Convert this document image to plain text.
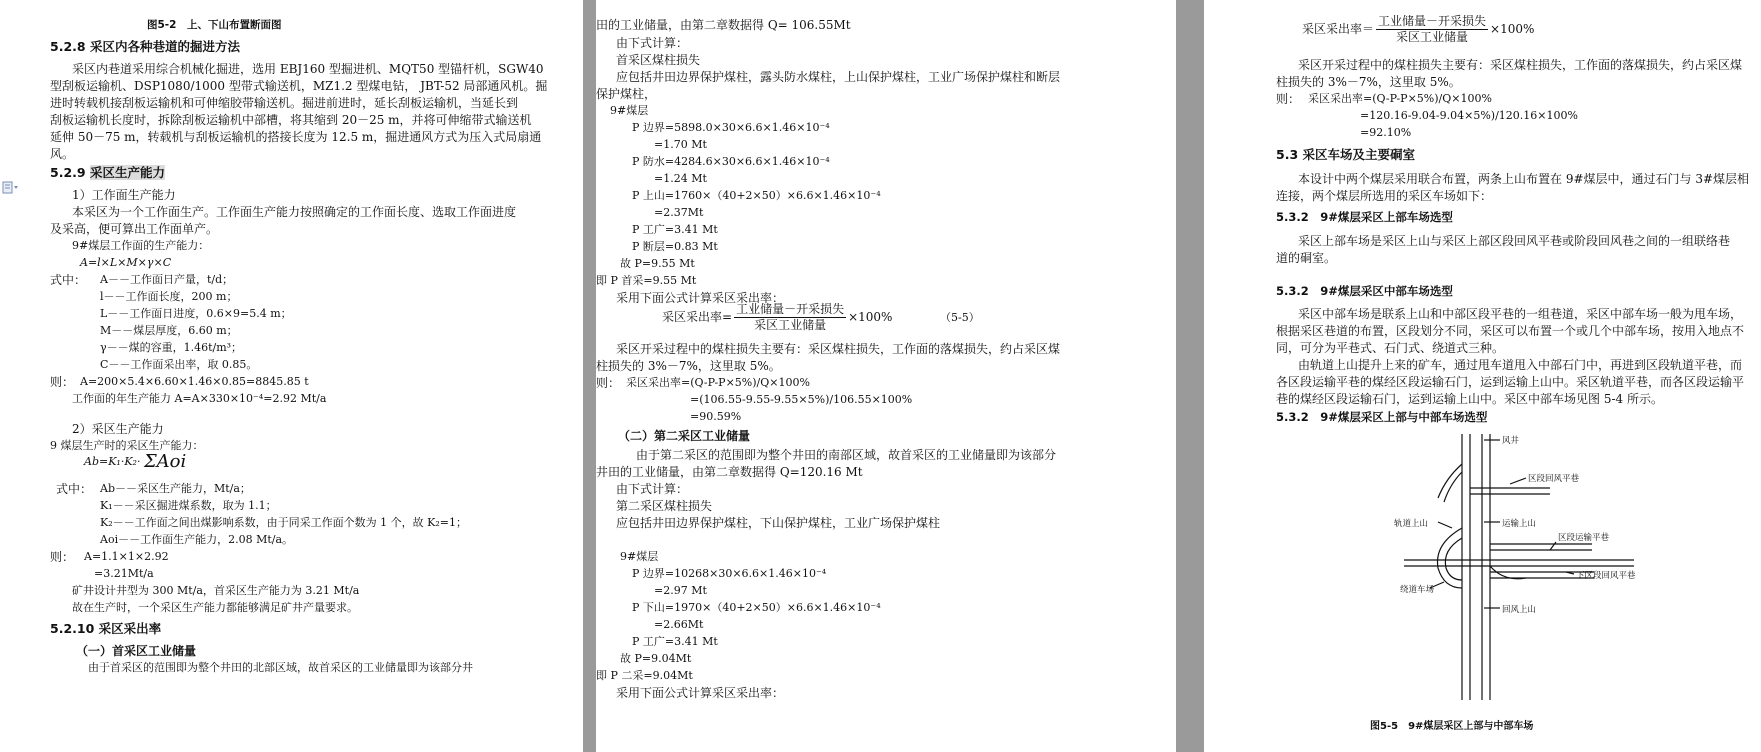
图5-2　上、下山布置断面图
5.2.8 采区内各种巷道的掘进方法
采区内巷道采用综合机械化掘进，选用 EBJ160 型掘进机、MQT50 型锚杆机，SGW40
型刮板运输机、DSP1080/1000 型带式输送机，MZ1.2 型煤电钻， JBT-52 局部通风机。掘
进时转载机接刮板运输机和可伸缩胶带输送机。掘进前进时，延长刮板运输机，当延长到
刮板运输机长度时，拆除刮板运输机中部槽，将其缩到 20－25 m，并将可伸缩带式输送机
延伸 50－75 m，转载机与刮板运输机的搭接长度为 12.5 m，掘进通风方式为压入式局扇通
风。
5.2.9 采区生产能力
1）工作面生产能力
本采区为一个工作面生产。工作面生产能力按照确定的工作面长度、选取工作面进度
及采高，便可算出工作面单产。
9#煤层工作面的生产能力：
A=l×L×M×γ×C
式中： A－－工作面日产量，t/d；
l－－工作面长度，200 m；
L－－工作面日进度，0.6×9=5.4 m；
M－－煤层厚度，6.60 m；
γ－－煤的容重，1.46t/m³；
C－－工作面采出率，取 0.85。
则： A=200×5.4×6.60×1.46×0.85=8845.85 t
工作面的年生产能力 A=A×330×10⁻⁴=2.92 Mt/a
2）采区生产能力
9 煤层生产时的采区生产能力：
Ab=K₁·K₂· ΣAoi
式中： Ab－－采区生产能力，Mt/a；
K₁－－采区掘进煤系数，取为 1.1；
K₂－－工作面之间出煤影响系数，由于同采工作面个数为 1 个，故 K₂=1；
Aoi－－工作面生产能力，2.08 Mt/a。
则： A=1.1×1×2.92
=3.21Mt/a
矿井设计井型为 300 Mt/a，首采区生产能力为 3.21 Mt/a
故在生产时，一个采区生产能力都能够满足矿井产量要求。
5.2.10 采区采出率
（一）首采区工业储量
由于首采区的范围即为整个井田的北部区域，故首采区的工业储量即为该部分井
田的工业储量，由第二章数据得 Q= 106.55Mt
由下式计算：
首采区煤柱损失
应包括井田边界保护煤柱，露头防水煤柱，上山保护煤柱，工业广场保护煤柱和断层
保护煤柱，
9#煤层
P 边界=5898.0×30×6.6×1.46×10⁻⁴
=1.70 Mt
P 防水=4284.6×30×6.6×1.46×10⁻⁴
=1.24 Mt
P 上山=1760×（40+2×50）×6.6×1.46×10⁻⁴
=2.37Mt
P 工广=3.41 Mt
P 断层=0.83 Mt
故 P=9.55 Mt
即 P 首采=9.55 Mt
采用下面公式计算采区采出率：
采区采出率= $\frac{\text{工业储量－开采损失}}{\text{采区工业储量}} \times 100\%$	（5-5）
采区开采过程中的煤柱损失主要有：采区煤柱损失，工作面的落煤损失，约占采区煤
柱损失的 3%－7%，这里取 5%。
则： 采区采出率=(Q-P-P×5%)/Q×100%
=(106.55-9.55-9.55×5%)/106.55×100%
=90.59%
（二）第二采区工业储量
由于第二采区的范围即为整个井田的南部区域，故首采区的工业储量即为该部分
井田的工业储量，由第二章数据得 Q=120.16 Mt
由下式计算：
第二采区煤柱损失
应包括井田边界保护煤柱，下山保护煤柱，工业广场保护煤柱
9#煤层
P 边界=10268×30×6.6×1.46×10⁻⁴
=2.97 Mt
P 下山=1970×（40+2×50）×6.6×1.46×10⁻⁴
=2.66Mt
P 工广=3.41 Mt
故 P=9.04Mt
即 P 二采=9.04Mt
采用下面公式计算采区采出率：
采区采出率＝ $\frac{\text{工业储量－开采损失}}{\text{采区工业储量}} \times 100\%$
采区开采过程中的煤柱损失主要有：采区煤柱损失，工作面的落煤损失，约占采区煤
柱损失的 3%－7%，这里取 5%。
则： 采区采出率=(Q-P-P×5%)/Q×100%
=120.16-9.04-9.04×5%)/120.16×100%
=92.10%
5.3 采区车场及主要硐室
本设计中两个煤层采用联合布置，两条上山布置在 9#煤层中，通过石门与 3#煤层相
连接，两个煤层所选用的采区车场如下：
5.3.2　9#煤层采区上部车场选型
采区上部车场是采区上山与采区上部区段回风平巷或阶段回风巷之间的一组联络巷
道的硐室。
5.3.2　9#煤层采区中部车场选型
采区中部车场是联系上山和中部区段平巷的一组巷道，采区中部车场一般为甩车场，
根据采区巷道的布置，区段划分不同，采区可以布置一个或几个中部车场，按用入地点不
同，可分为平巷式、石门式、绕道式三种。
由轨道上山提升上来的矿车，通过甩车道甩入中部石门中，再进到区段轨道平巷，而
各区段运输平巷的煤经区段运输石门，运到运输上山中。采区轨道平巷，而各区段运输平
巷的煤经区段运输石门，运到运输上山中。采区中部车场见图 5-4 所示。
5.3.2　9#煤层采区上部与中部车场选型
风井
区段回风平巷
轨道上山	运输上山
区段运输平巷
下区段回风平巷
绕道车场
回风上山
图5-5　9#煤层采区上部与中部车场
